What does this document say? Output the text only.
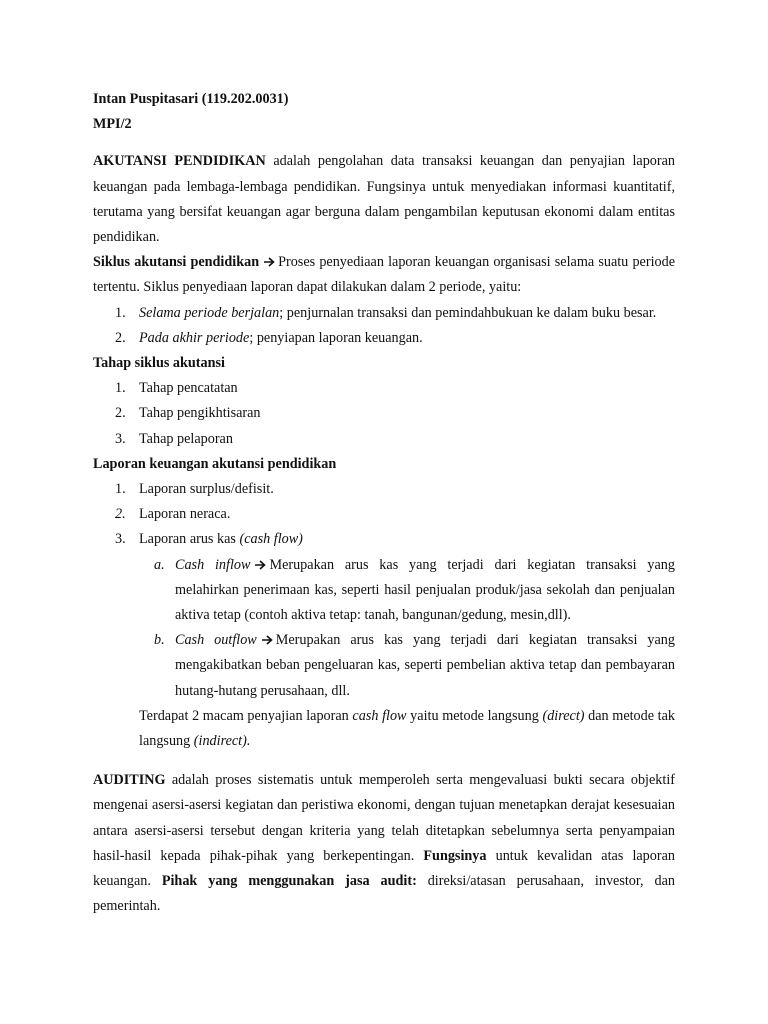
Intan Puspitasari (119.202.0031)

MPI/2

AKUTANSI PENDIDIKAN adalah pengolahan data transaksi keuangan dan penyajian laporan keuangan pada lembaga-lembaga pendidikan. Fungsinya untuk menyediakan informasi kuantitatif, terutama yang bersifat keuangan agar berguna dalam pengambilan keputusan ekonomi dalam entitas pendidikan.

Siklus akutansi pendidikan Proses penyediaan laporan keuangan organisasi selama suatu periode tertentu. Siklus penyediaan laporan dapat dilakukan dalam 2 periode, yaitu:

1. Selama periode berjalan; penjurnalan transaksi dan pemindahbukuan ke dalam buku besar.
2. Pada akhir periode; penyiapan laporan keuangan.

Tahap siklus akutansi

1. Tahap pencatatan
2. Tahap pengikhtisaran
3. Tahap pelaporan

Laporan keuangan akutansi pendidikan

1. Laporan surplus/defisit.
2. Laporan neraca.
3. Laporan arus kas (cash flow)
a. Cash inflow Merupakan arus kas yang terjadi dari kegiatan transaksi yang melahirkan penerimaan kas, seperti hasil penjualan produk/jasa sekolah dan penjualan aktiva tetap (contoh aktiva tetap: tanah, bangunan/gedung, mesin,dll).
b. Cash outflow Merupakan arus kas yang terjadi dari kegiatan transaksi yang mengakibatkan beban pengeluaran kas, seperti pembelian aktiva tetap dan pembayaran hutang-hutang perusahaan, dll.

Terdapat 2 macam penyajian laporan cash flow yaitu metode langsung (direct) dan metode tak langsung (indirect).

AUDITING adalah proses sistematis untuk memperoleh serta mengevaluasi bukti secara objektif mengenai asersi-asersi kegiatan dan peristiwa ekonomi, dengan tujuan menetapkan derajat kesesuaian antara asersi-asersi tersebut dengan kriteria yang telah ditetapkan sebelumnya serta penyampaian hasil-hasil kepada pihak-pihak yang berkepentingan. Fungsinya untuk kevalidan atas laporan keuangan. Pihak yang menggunakan jasa audit: direksi/atasan perusahaan, investor, dan pemerintah.
